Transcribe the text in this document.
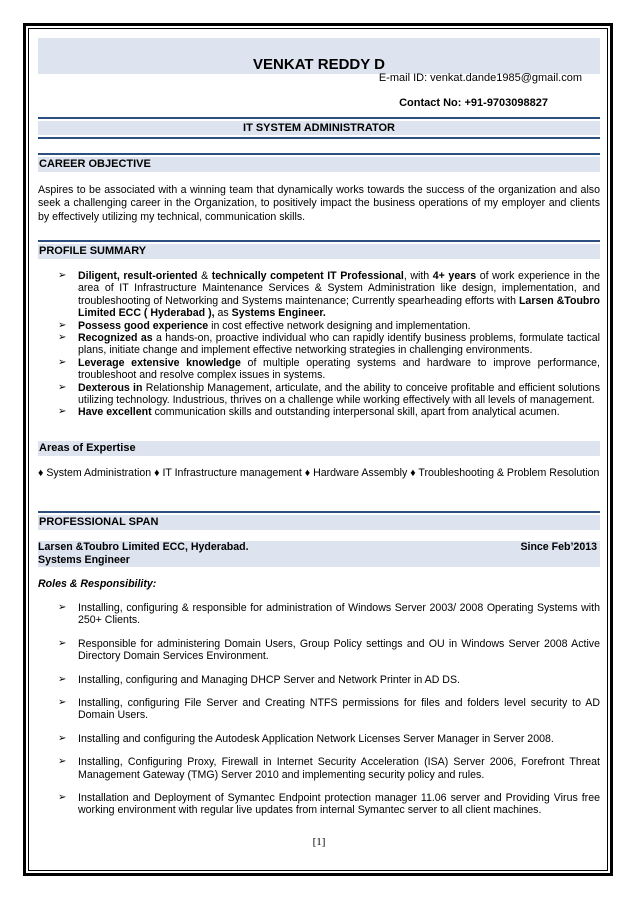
VENKAT REDDY D
E-mail ID: venkat.dande1985@gmail.com
Contact No: +91-9703098827
IT SYSTEM ADMINISTRATOR
CAREER OBJECTIVE
Aspires to be associated with a winning team that dynamically works towards the success of the organization and also seek a challenging career in the Organization, to positively impact the business operations of my employer and clients by effectively utilizing my technical, communication skills.
PROFILE SUMMARY
➢ Diligent, result-oriented & technically competent IT Professional, with 4+ years of work experience in the area of IT Infrastructure Maintenance Services & System Administration like design, implementation, and troubleshooting of Networking and Systems maintenance; Currently spearheading efforts with Larsen &Toubro Limited ECC ( Hyderabad ), as Systems Engineer.
➢ Possess good experience in cost effective network designing and implementation.
➢ Recognized as a hands-on, proactive individual who can rapidly identify business problems, formulate tactical plans, initiate change and implement effective networking strategies in challenging environments.
➢ Leverage extensive knowledge of multiple operating systems and hardware to improve performance, troubleshoot and resolve complex issues in systems.
➢ Dexterous in Relationship Management, articulate, and the ability to conceive profitable and efficient solutions utilizing technology. Industrious, thrives on a challenge while working effectively with all levels of management.
➢ Have excellent communication skills and outstanding interpersonal skill, apart from analytical acumen.
Areas of Expertise
♦ System Administration ♦ IT Infrastructure management ♦ Hardware Assembly ♦ Troubleshooting & Problem Resolution
PROFESSIONAL SPAN
Larsen &Toubro Limited ECC, Hyderabad.	Since Feb’2013
Systems Engineer
Roles & Responsibility:
➢ Installing, configuring & responsible for administration of Windows Server 2003/ 2008 Operating Systems with 250+ Clients.
➢ Responsible for administering Domain Users, Group Policy settings and OU in Windows Server 2008 Active Directory Domain Services Environment.
➢ Installing, configuring and Managing DHCP Server and Network Printer in AD DS.
➢ Installing, configuring File Server and Creating NTFS permissions for files and folders level security to AD Domain Users.
➢ Installing and configuring the Autodesk Application Network Licenses Server Manager in Server 2008.
➢ Installing, Configuring Proxy, Firewall in Internet Security Acceleration (ISA) Server 2006, Forefront Threat Management Gateway (TMG) Server 2010 and implementing security policy and rules.
➢ Installation and Deployment of Symantec Endpoint protection manager 11.06 server and Providing Virus free working environment with regular live updates from internal Symantec server to all client machines.
[1]
